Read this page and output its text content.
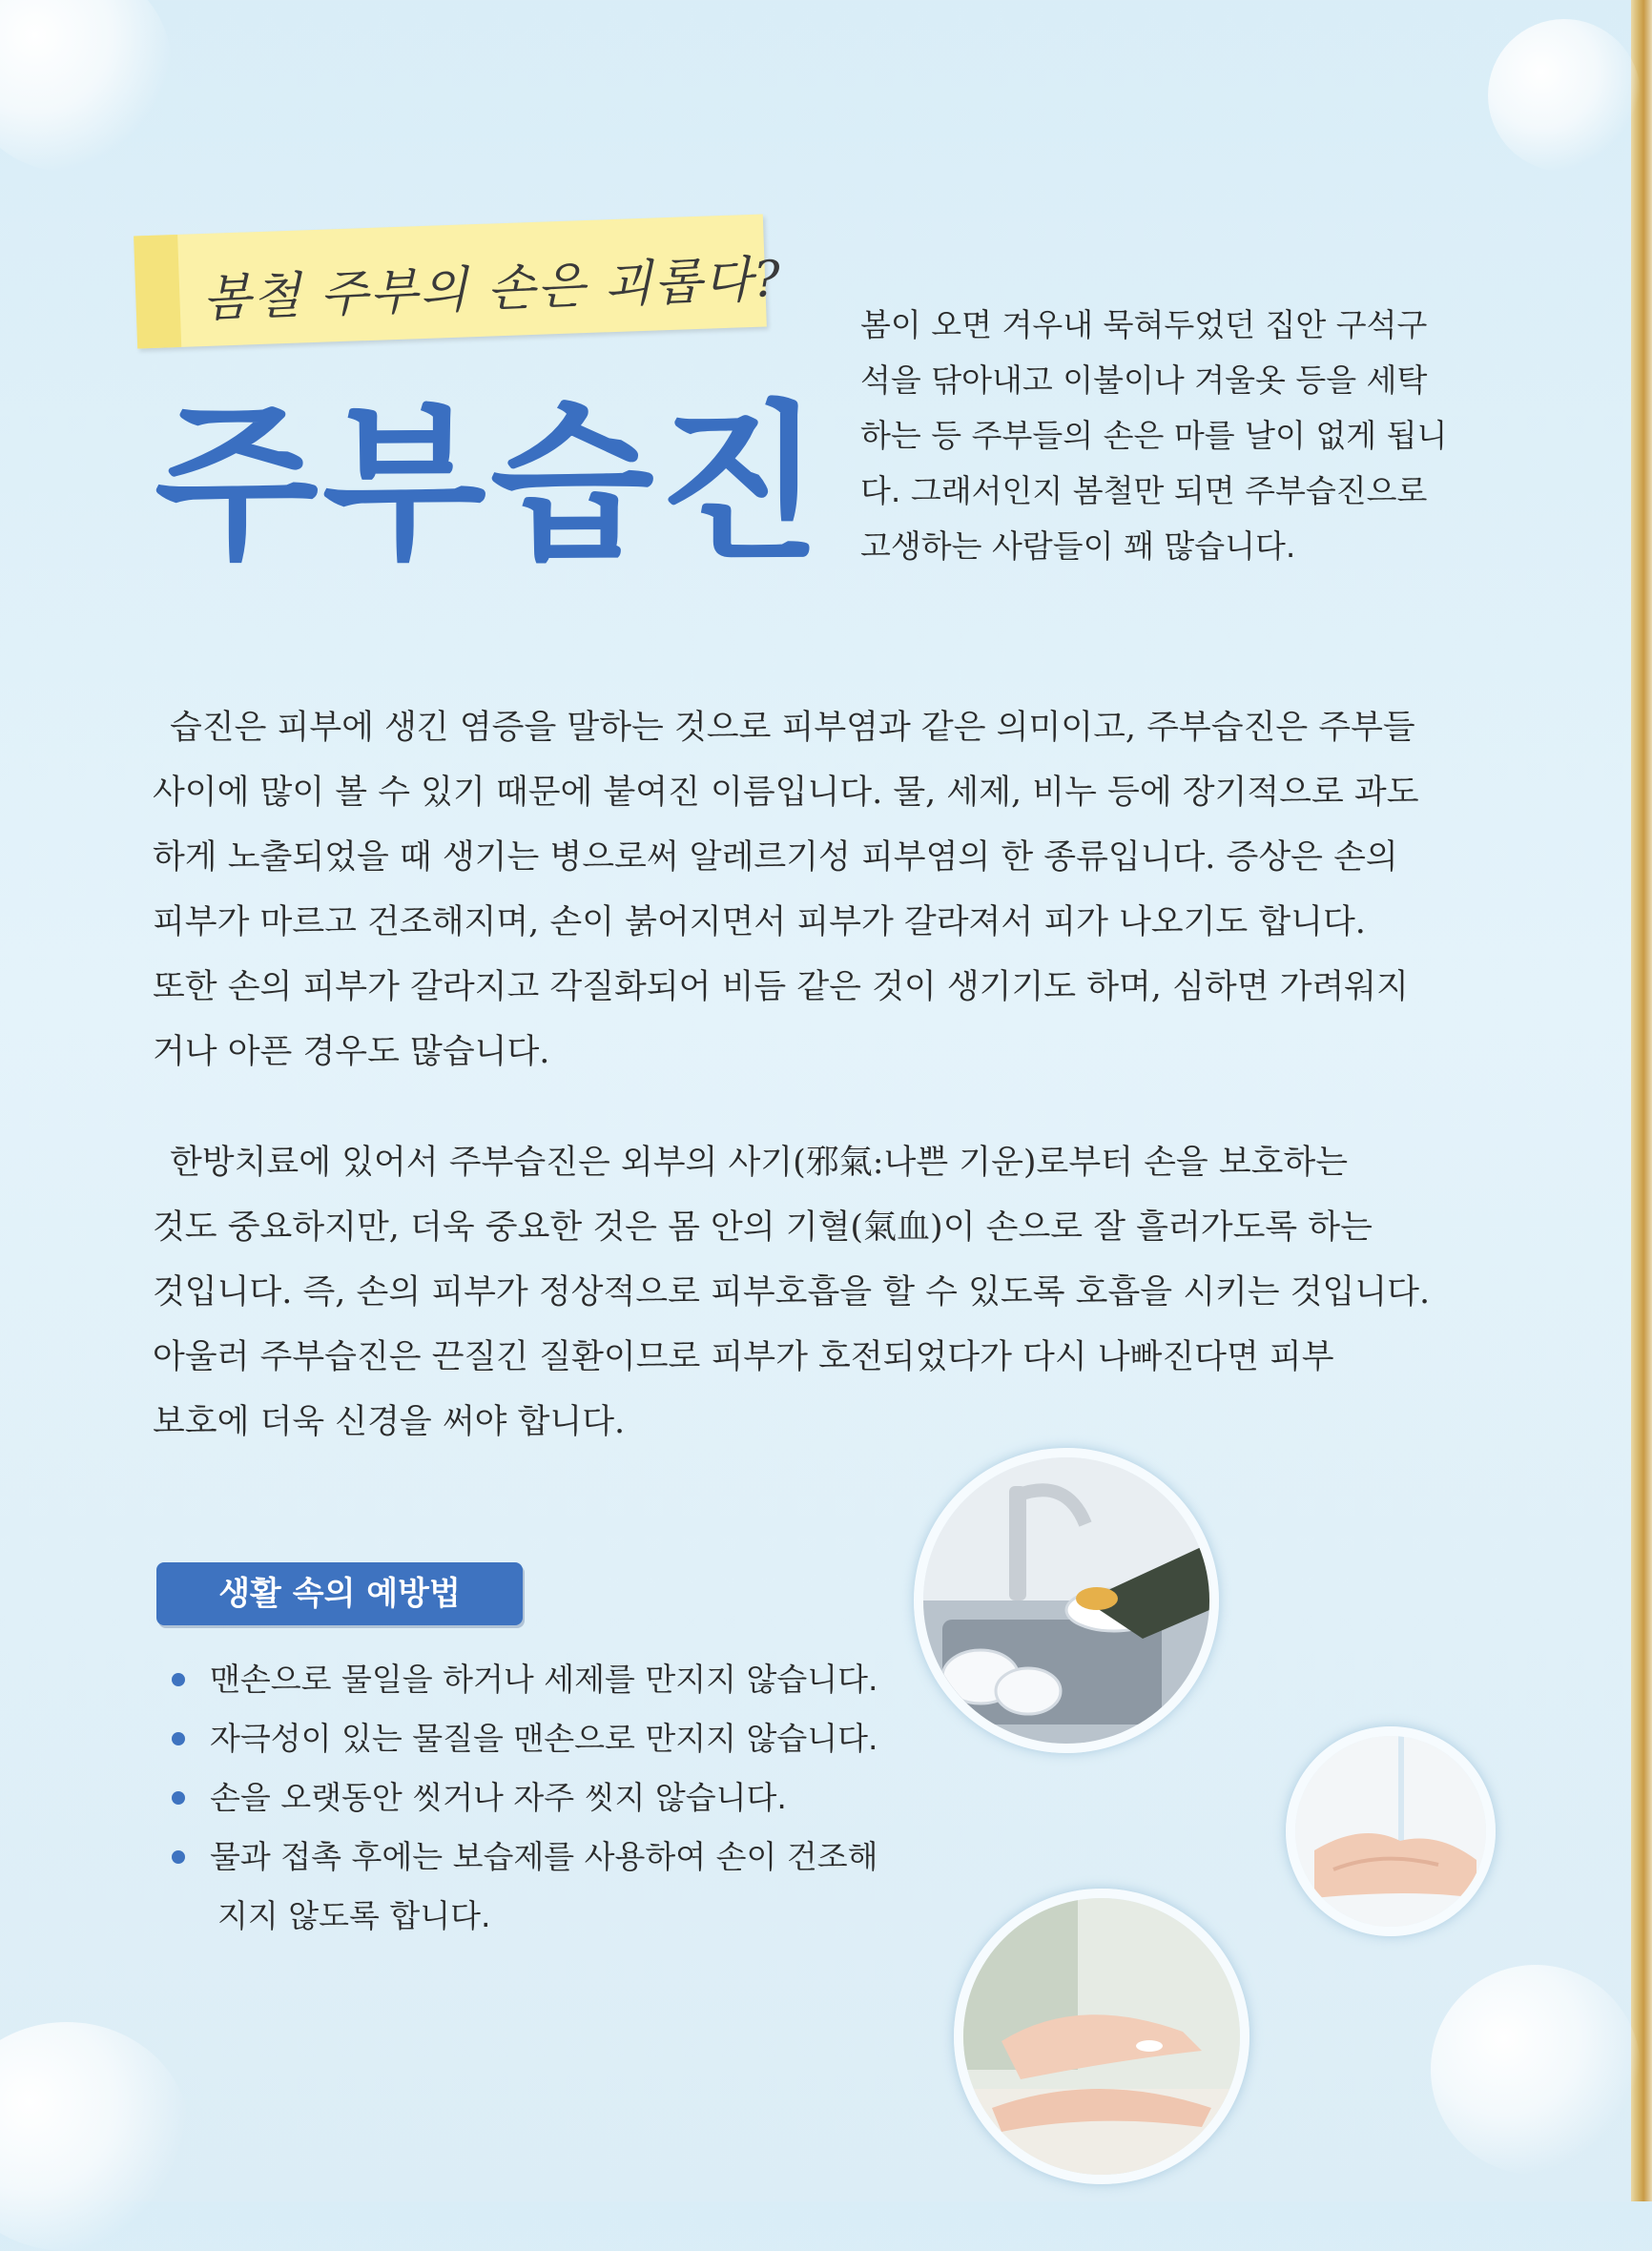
봄철 주부의 손은 괴롭다?
주부습진
봄이 오면 겨우내 묵혀두었던 집안 구석구
석을 닦아내고 이불이나 겨울옷 등을 세탁
하는 등 주부들의 손은 마를 날이 없게 됩니
다. 그래서인지 봄철만 되면 주부습진으로
고생하는 사람들이 꽤 많습니다.
습진은 피부에 생긴 염증을 말하는 것으로 피부염과 같은 의미이고, 주부습진은 주부들
사이에 많이 볼 수 있기 때문에 붙여진 이름입니다. 물, 세제, 비누 등에 장기적으로 과도
하게 노출되었을 때 생기는 병으로써 알레르기성 피부염의 한 종류입니다. 증상은 손의
피부가 마르고 건조해지며, 손이 붉어지면서 피부가 갈라져서 피가 나오기도 합니다.
또한 손의 피부가 갈라지고 각질화되어 비듬 같은 것이 생기기도 하며, 심하면 가려워지
거나 아픈 경우도 많습니다.
한방치료에 있어서 주부습진은 외부의 사기(邪氣:나쁜 기운)로부터 손을 보호하는
것도 중요하지만, 더욱 중요한 것은 몸 안의 기혈(氣血)이 손으로 잘 흘러가도록 하는
것입니다. 즉, 손의 피부가 정상적으로 피부호흡을 할 수 있도록 호흡을 시키는 것입니다.
아울러 주부습진은 끈질긴 질환이므로 피부가 호전되었다가 다시 나빠진다면 피부
보호에 더욱 신경을 써야 합니다.
생활 속의 예방법
맨손으로 물일을 하거나 세제를 만지지 않습니다.
자극성이 있는 물질을 맨손으로 만지지 않습니다.
손을 오랫동안 씻거나 자주 씻지 않습니다.
물과 접촉 후에는 보습제를 사용하여 손이 건조해
지지 않도록 합니다.
